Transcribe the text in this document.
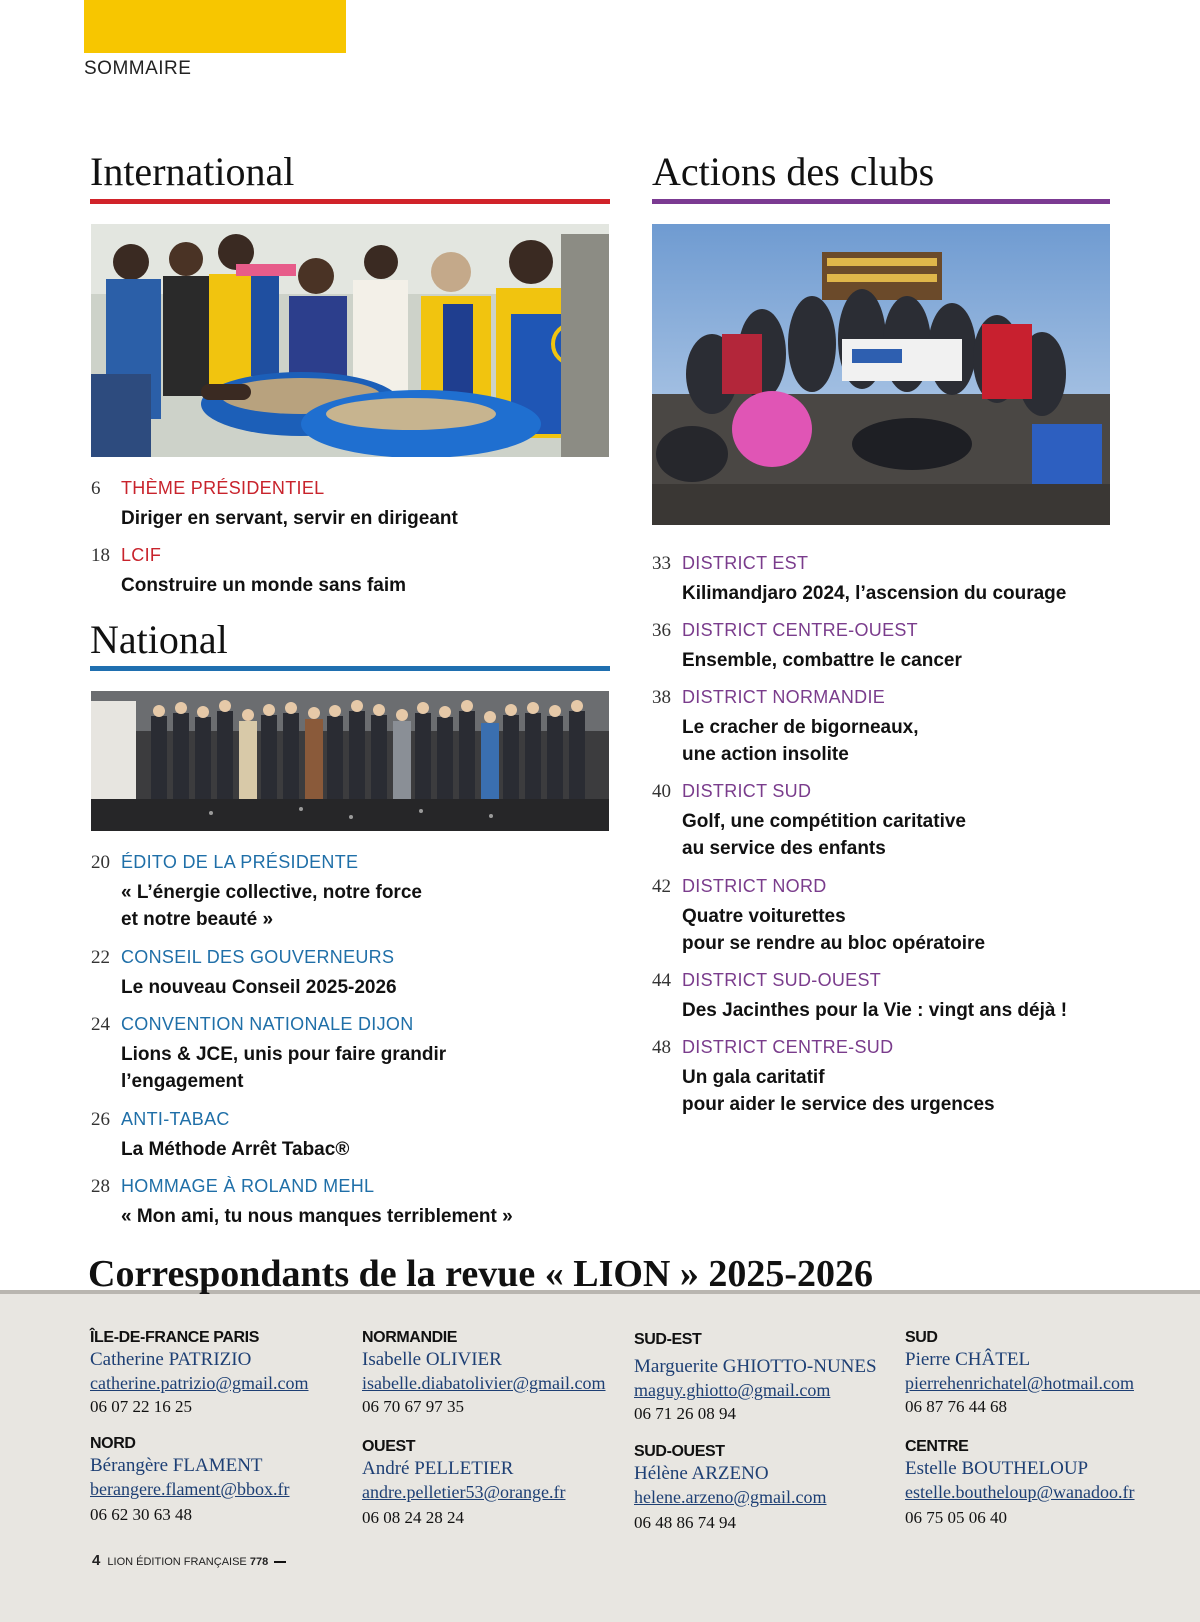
SOMMAIRE
International
6 THÈME PRÉSIDENTIEL
Diriger en servant, servir en dirigeant
18 LCIF
Construire un monde sans faim
National
20 ÉDITO DE LA PRÉSIDENTE
« L’énergie collective, notre force
et notre beauté »
22 CONSEIL DES GOUVERNEURS
Le nouveau Conseil 2025-2026
24 CONVENTION NATIONALE DIJON
Lions & JCE, unis pour faire grandir
l’engagement
26 ANTI-TABAC
La Méthode Arrêt Tabac®
28 HOMMAGE À ROLAND MEHL
« Mon ami, tu nous manques terriblement »
Actions des clubs
33 DISTRICT EST
Kilimandjaro 2024, l’ascension du courage
36 DISTRICT CENTRE-OUEST
Ensemble, combattre le cancer
38 DISTRICT NORMANDIE
Le cracher de bigorneaux,
une action insolite
40 DISTRICT SUD
Golf, une compétition caritative
au service des enfants
42 DISTRICT NORD
Quatre voiturettes
pour se rendre au bloc opératoire
44 DISTRICT SUD-OUEST
Des Jacinthes pour la Vie : vingt ans déjà !
48 DISTRICT CENTRE-SUD
Un gala caritatif
pour aider le service des urgences
Correspondants de la revue « LION » 2025-2026
ÎLE-DE-FRANCE PARIS
Catherine PATRIZIO
catherine.patrizio@gmail.com
06 07 22 16 25
NORMANDIE
Isabelle OLIVIER
isabelle.diabatolivier@gmail.com
06 70 67 97 35
SUD-EST
Marguerite GHIOTTO-NUNES
maguy.ghiotto@gmail.com
06 71 26 08 94
SUD
Pierre CHÂTEL
pierrehenrichatel@hotmail.com
06 87 76 44 68
NORD
Bérangère FLAMENT
berangere.flament@bbox.fr
06 62 30 63 48
OUEST
André PELLETIER
andre.pelletier53@orange.fr
06 08 24 28 24
SUD-OUEST
Hélène ARZENO
helene.arzeno@gmail.com
06 48 86 74 94
CENTRE
Estelle BOUTHELOUP
estelle.boutheloup@wanadoo.fr
06 75 05 06 40
4 LION ÉDITION FRANÇAISE 778
